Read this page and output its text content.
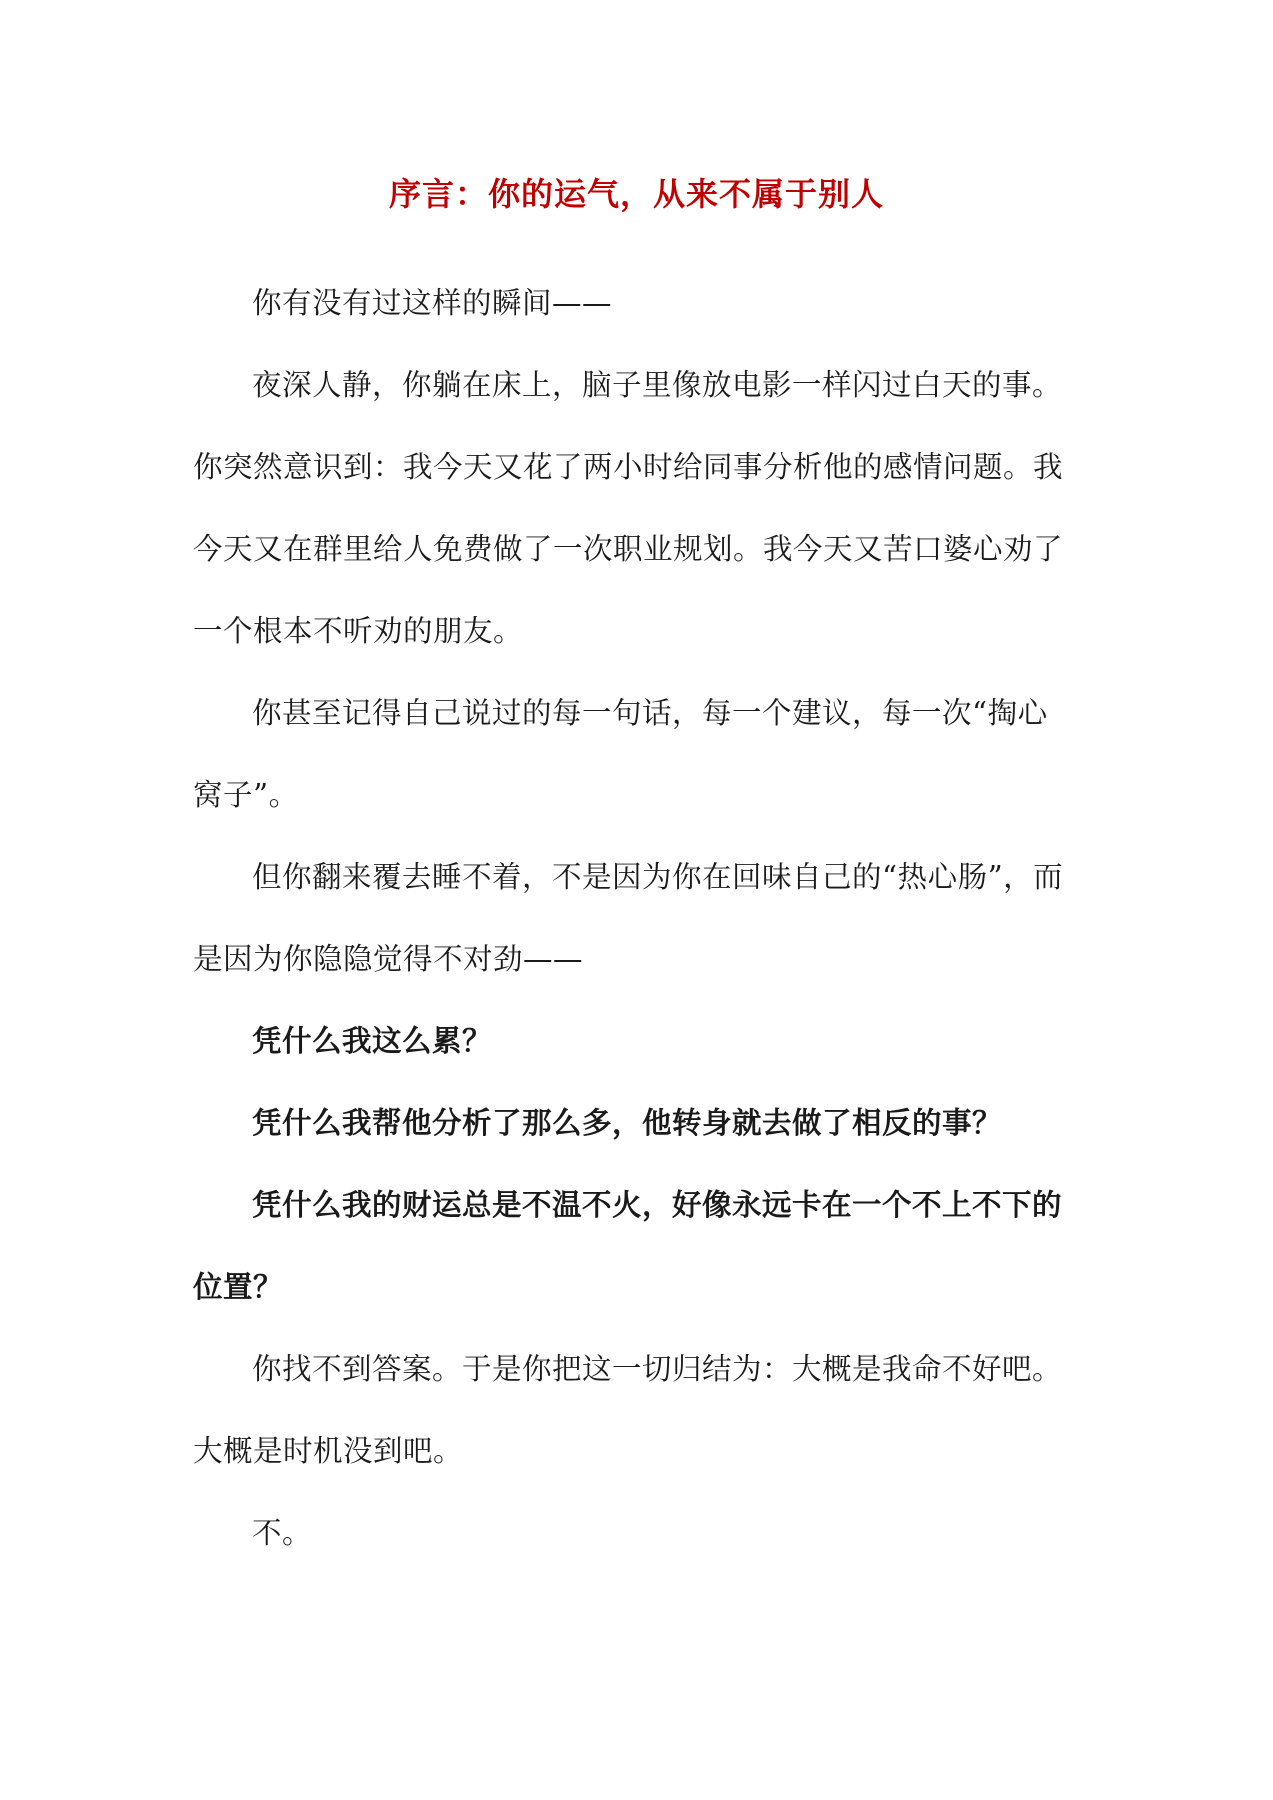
序言：你的运气，从来不属于别人

你有没有过这样的瞬间——

夜深人静，你躺在床上，脑子里像放电影一样闪过白天的事。你突然意识到：我今天又花了两小时给同事分析他的感情问题。我今天又在群里给人免费做了一次职业规划。我今天又苦口婆心劝了一个根本不听劝的朋友。

你甚至记得自己说过的每一句话，每一个建议，每一次“掏心窝子”。

但你翻来覆去睡不着，不是因为你在回味自己的“热心肠”，而是因为你隐隐觉得不对劲——

凭什么我这么累？

凭什么我帮他分析了那么多，他转身就去做了相反的事？

凭什么我的财运总是不温不火，好像永远卡在一个不上不下的位置？

你找不到答案。于是你把这一切归结为：大概是我命不好吧。大概是时机没到吧。

不。
